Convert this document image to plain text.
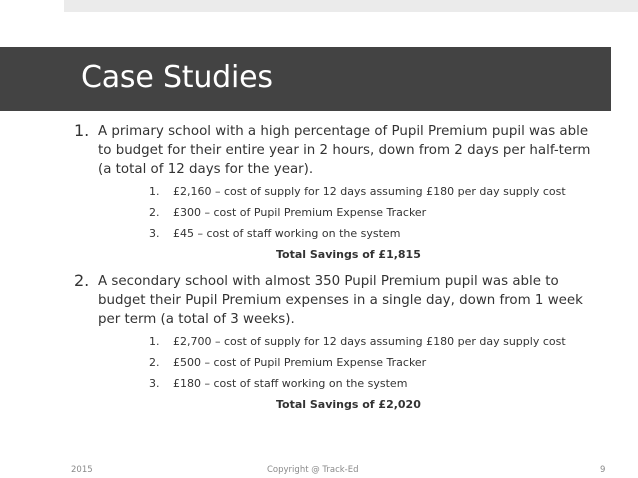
Case Studies
1. A primary school with a high percentage of Pupil Premium pupil was able to budget for their entire year in 2 hours, down from 2 days per half-term (a total of 12 days for the year).
1. £2,160 – cost of supply for 12 days assuming £180 per day supply cost
2. £300 – cost of Pupil Premium Expense Tracker
3. £45 – cost of staff working on the system
Total Savings of £1,815
2. A secondary school with almost 350 Pupil Premium pupil was able to budget their Pupil Premium expenses in a single day, down from 1 week per term (a total of 3 weeks).
1. £2,700 – cost of supply for 12 days assuming £180 per day supply cost
2. £500 – cost of Pupil Premium Expense Tracker
3. £180 – cost of staff working on the system
Total Savings of £2,020
2015	Copyright @ Track-Ed	9
